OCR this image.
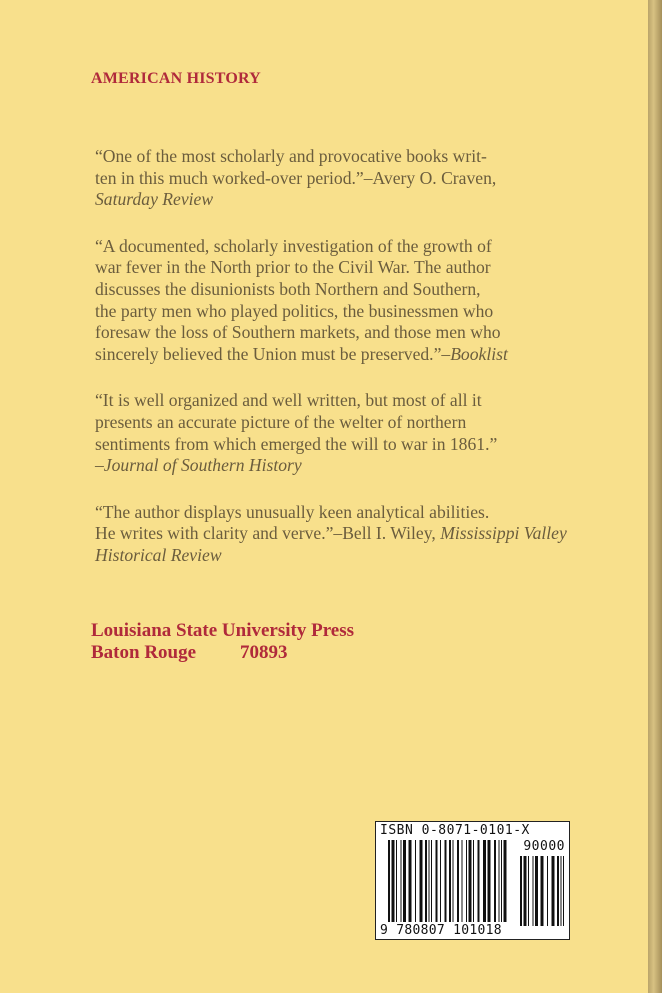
AMERICAN HISTORY
“One of the most scholarly and provocative books writ-
ten in this much worked-over period.”–Avery O. Craven,
Saturday Review
“A documented, scholarly investigation of the growth of
war fever in the North prior to the Civil War. The author
discusses the disunionists both Northern and Southern,
the party men who played politics, the businessmen who
foresaw the loss of Southern markets, and those men who
sincerely believed the Union must be preserved.”–Booklist
“It is well organized and well written, but most of all it
presents an accurate picture of the welter of northern
sentiments from which emerged the will to war in 1861.”
–Journal of Southern History
“The author displays unusually keen analytical abilities.
He writes with clarity and verve.”–Bell I. Wiley, Mississippi Valley Historical Review
Louisiana State University Press
Baton Rouge 70893
ISBN 0-8071-0101-X
90000
9 780807 101018
